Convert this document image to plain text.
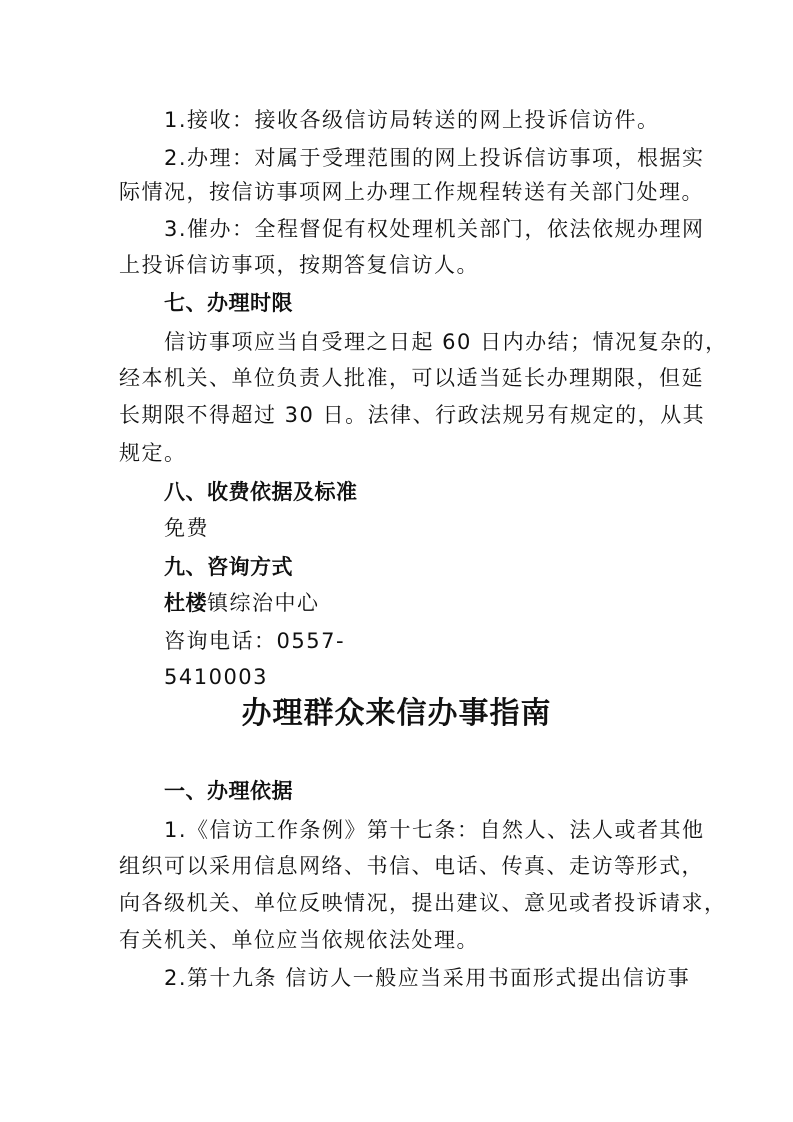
1.接收：接收各级信访局转送的网上投诉信访件。
2.办理：对属于受理范围的网上投诉信访事项，根据实
际情况，按信访事项网上办理工作规程转送有关部门处理。
3.催办：全程督促有权处理机关部门，依法依规办理网
上投诉信访事项，按期答复信访人。
七、办理时限
信访事项应当自受理之日起 60 日内办结；情况复杂的，
经本机关、单位负责人批准，可以适当延长办理期限，但延
长期限不得超过 30 日。法律、行政法规另有规定的，从其
规定。
八、收费依据及标准
免费
九、咨询方式
杜楼镇综治中心
咨询电话：0557-
5410003
办理群众来信办事指南
一、办理依据
1.《信访工作条例》第十七条：自然人、法人或者其他
组织可以采用信息网络、书信、电话、传真、走访等形式，
向各级机关、单位反映情况，提出建议、意见或者投诉请求，
有关机关、单位应当依规依法处理。
2.第十九条 信访人一般应当采用书面形式提出信访事
